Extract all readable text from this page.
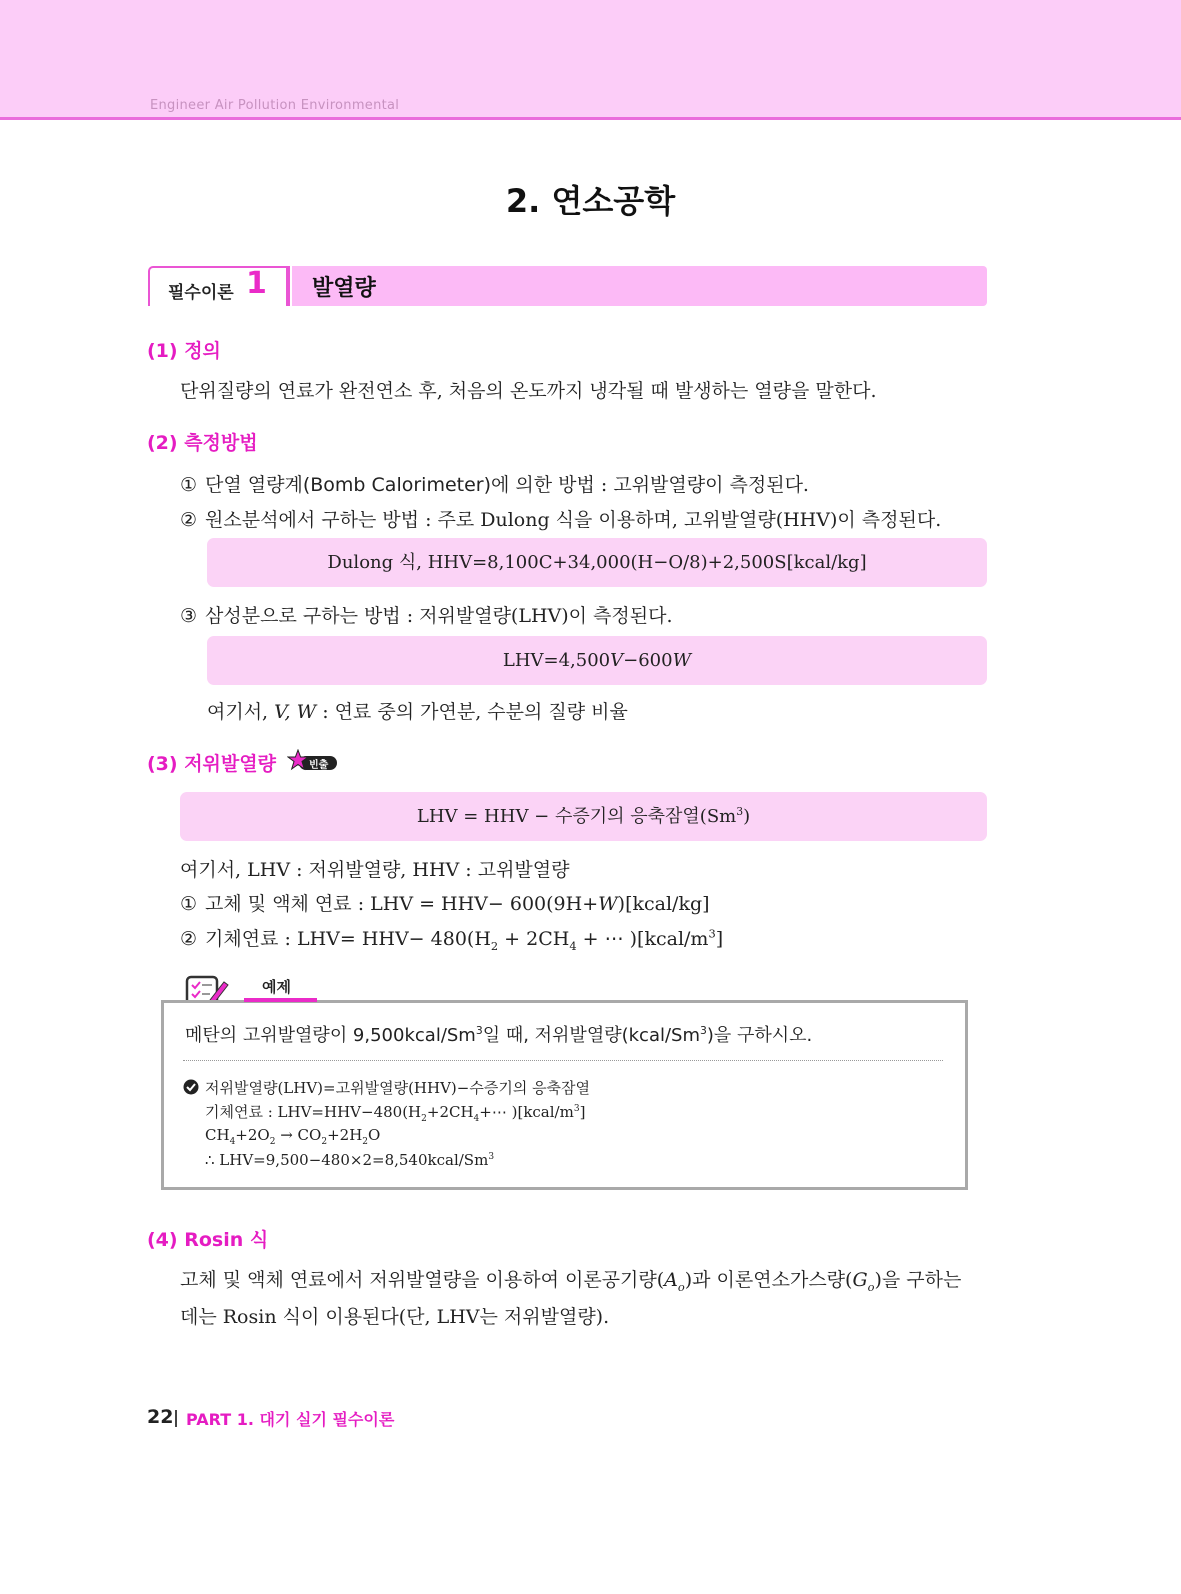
Engineer Air Pollution Environmental
2. 연소공학
필수이론 1 발열량
(1) 정의
단위질량의 연료가 완전연소 후, 처음의 온도까지 냉각될 때 발생하는 열량을 말한다.
(2) 측정방법
① 단열 열량계(Bomb Calorimeter)에 의한 방법 : 고위발열량이 측정된다.
② 원소분석에서 구하는 방법 : 주로 Dulong 식을 이용하며, 고위발열량(HHV)이 측정된다.
Dulong 식, HHV=8,100C+34,000(H−O/8)+2,500S[kcal/kg]
③ 삼성분으로 구하는 방법 : 저위발열량(LHV)이 측정된다.
LHV=4,500V−600W
여기서, V, W : 연료 중의 가연분, 수분의 질량 비율
(3) 저위발열량	빈출
LHV = HHV − 수증기의 응축잠열(Sm$^3$)
여기서, LHV : 저위발열량, HHV : 고위발열량
① 고체 및 액체 연료 : LHV = HHV− 600(9H+W)[kcal/kg]
② 기체연료 : $LHV= HHV- 480(H_2 + 2CH_4$ + ⋯ )$[kcal/m^3]$
예제
메탄의 고위발열량이 9,500kcal/Sm$^3$일 때, 저위발열량(kcal/Sm$^3$)을 구하시오.
저위발열량(LHV)=고위발열량(HHV)−수증기의 응축잠열
기체연료 : $LHV=HHV-480(H_2+2CH_4+\cdots$ )$[kcal/m^3]$
$CH_4+2O_2 \to CO_2+2H_2O$
∴ $LHV=9,500-480\times 2=8,540kcal/Sm^3$
(4) Rosin 식
고체 및 액체 연료에서 저위발열량을 이용하여 이론공기량$(A_o)$과 이론연소가스량$(G_o)$을 구하는
데는 Rosin 식이 이용된다(단, LHV는 저위발열량).
22 PART 1. 대기 실기 필수이론
